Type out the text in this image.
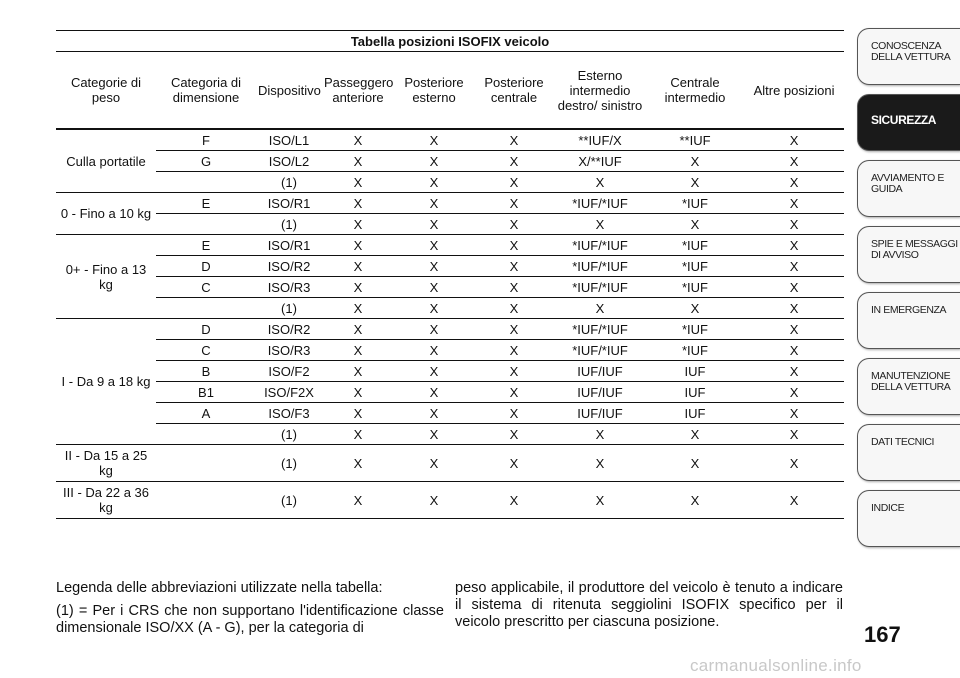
Tabella posizioni ISOFIX veicolo								
Categorie di peso	Categoria di dimensione	Dispositivo	Passeggero anteriore	Posteriore esterno	Posteriore centrale	Esterno intermedio destro/ sinistro	Centrale intermedio	Altre posizioni
Culla portatile	F	ISO/L1	X	X	X	**IUF/X	**IUF	X
	G	ISO/L2	X	X	X	X/**IUF	X	X
		(1)	X	X	X	X	X	X
0 - Fino a 10 kg	E	ISO/R1	X	X	X	*IUF/*IUF	*IUF	X
		(1)	X	X	X	X	X	X
0+ - Fino a 13 kg	E	ISO/R1	X	X	X	*IUF/*IUF	*IUF	X
	D	ISO/R2	X	X	X	*IUF/*IUF	*IUF	X
	C	ISO/R3	X	X	X	*IUF/*IUF	*IUF	X
		(1)	X	X	X	X	X	X
I - Da 9 a 18 kg	D	ISO/R2	X	X	X	*IUF/*IUF	*IUF	X
	C	ISO/R3	X	X	X	*IUF/*IUF	*IUF	X
	B	ISO/F2	X	X	X	IUF/IUF	IUF	X
	B1	ISO/F2X	X	X	X	IUF/IUF	IUF	X
	A	ISO/F3	X	X	X	IUF/IUF	IUF	X
		(1)	X	X	X	X	X	X
II - Da 15 a 25 kg		(1)	X	X	X	X	X	X
III - Da 22 a 36 kg		(1)	X	X	X	X	X	X

Legenda delle abbreviazioni utilizzate nella tabella:

(1) = Per i CRS che non supportano l'identificazione classe dimensionale ISO/XX (A - G), per la categoria di

peso applicabile, il produttore del veicolo è tenuto a indicare il sistema di ritenuta seggiolini ISOFIX specifico per il veicolo prescritto per ciascuna posizione.

CONOSCENZA DELLA VETTURA
SICUREZZA
AVVIAMENTO E GUIDA
SPIE E MESSAGGI DI AVVISO
IN EMERGENZA
MANUTENZIONE DELLA VETTURA
DATI TECNICI
INDICE
167
carmanualsonline.info
